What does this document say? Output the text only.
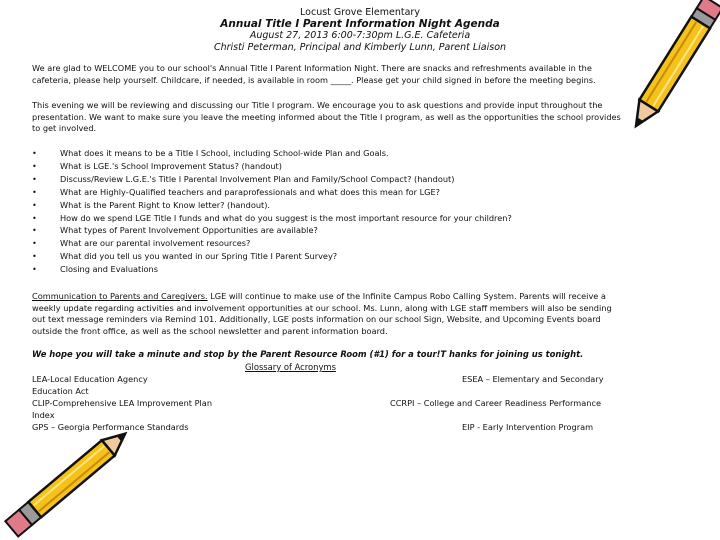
Locust Grove Elementary
Annual Title I Parent Information Night Agenda
August 27, 2013 6:00-7:30pm L.G.E. Cafeteria
Christi Peterman, Principal and Kimberly Lunn, Parent Liaison
We are glad to WELCOME you to our school's Annual Title I Parent Information Night. There are snacks and refreshments available in the cafeteria, please help yourself. Childcare, if needed, is available in room _____. Please get your child signed in before the meeting begins.
This evening we will be reviewing and discussing our Title I program. We encourage you to ask questions and provide input throughout the presentation. We want to make sure you leave the meeting informed about the Title I program, as well as the opportunities the school provides to get involved.
• What does it means to be a Title I School, including School-wide Plan and Goals.
• What is LGE.'s School Improvement Status? (handout)
• Discuss/Review L.G.E.'s Title I Parental Involvement Plan and Family/School Compact? (handout)
• What are Highly-Qualified teachers and paraprofessionals and what does this mean for LGE?
• What is the Parent Right to Know letter? (handout).
• How do we spend LGE Title I funds and what do you suggest is the most important resource for your children?
• What types of Parent Involvement Opportunities are available?
• What are our parental involvement resources?
• What did you tell us you wanted in our Spring Title I Parent Survey?
• Closing and Evaluations
Communication to Parents and Caregivers. LGE will continue to make use of the Infinite Campus Robo Calling System. Parents will receive a weekly update regarding activities and involvement opportunities at our school. Ms. Lunn, along with LGE staff members will also be sending out text message reminders via Remind 101. Additionally, LGE posts information on our school Sign, Website, and Upcoming Events board outside the front office, as well as the school newsletter and parent information board.
We hope you will take a minute and stop by the Parent Resource Room (#1) for a tour!T hanks for joining us tonight.
Glossary of Acronyms
LEA-Local Education Agency
Education Act
CLIP-Comprehensive LEA Improvement Plan
Index
GPS – Georgia Performance Standards
ESEA – Elementary and Secondary
CCRPI – College and Career Readiness Performance
EIP - Early Intervention Program
